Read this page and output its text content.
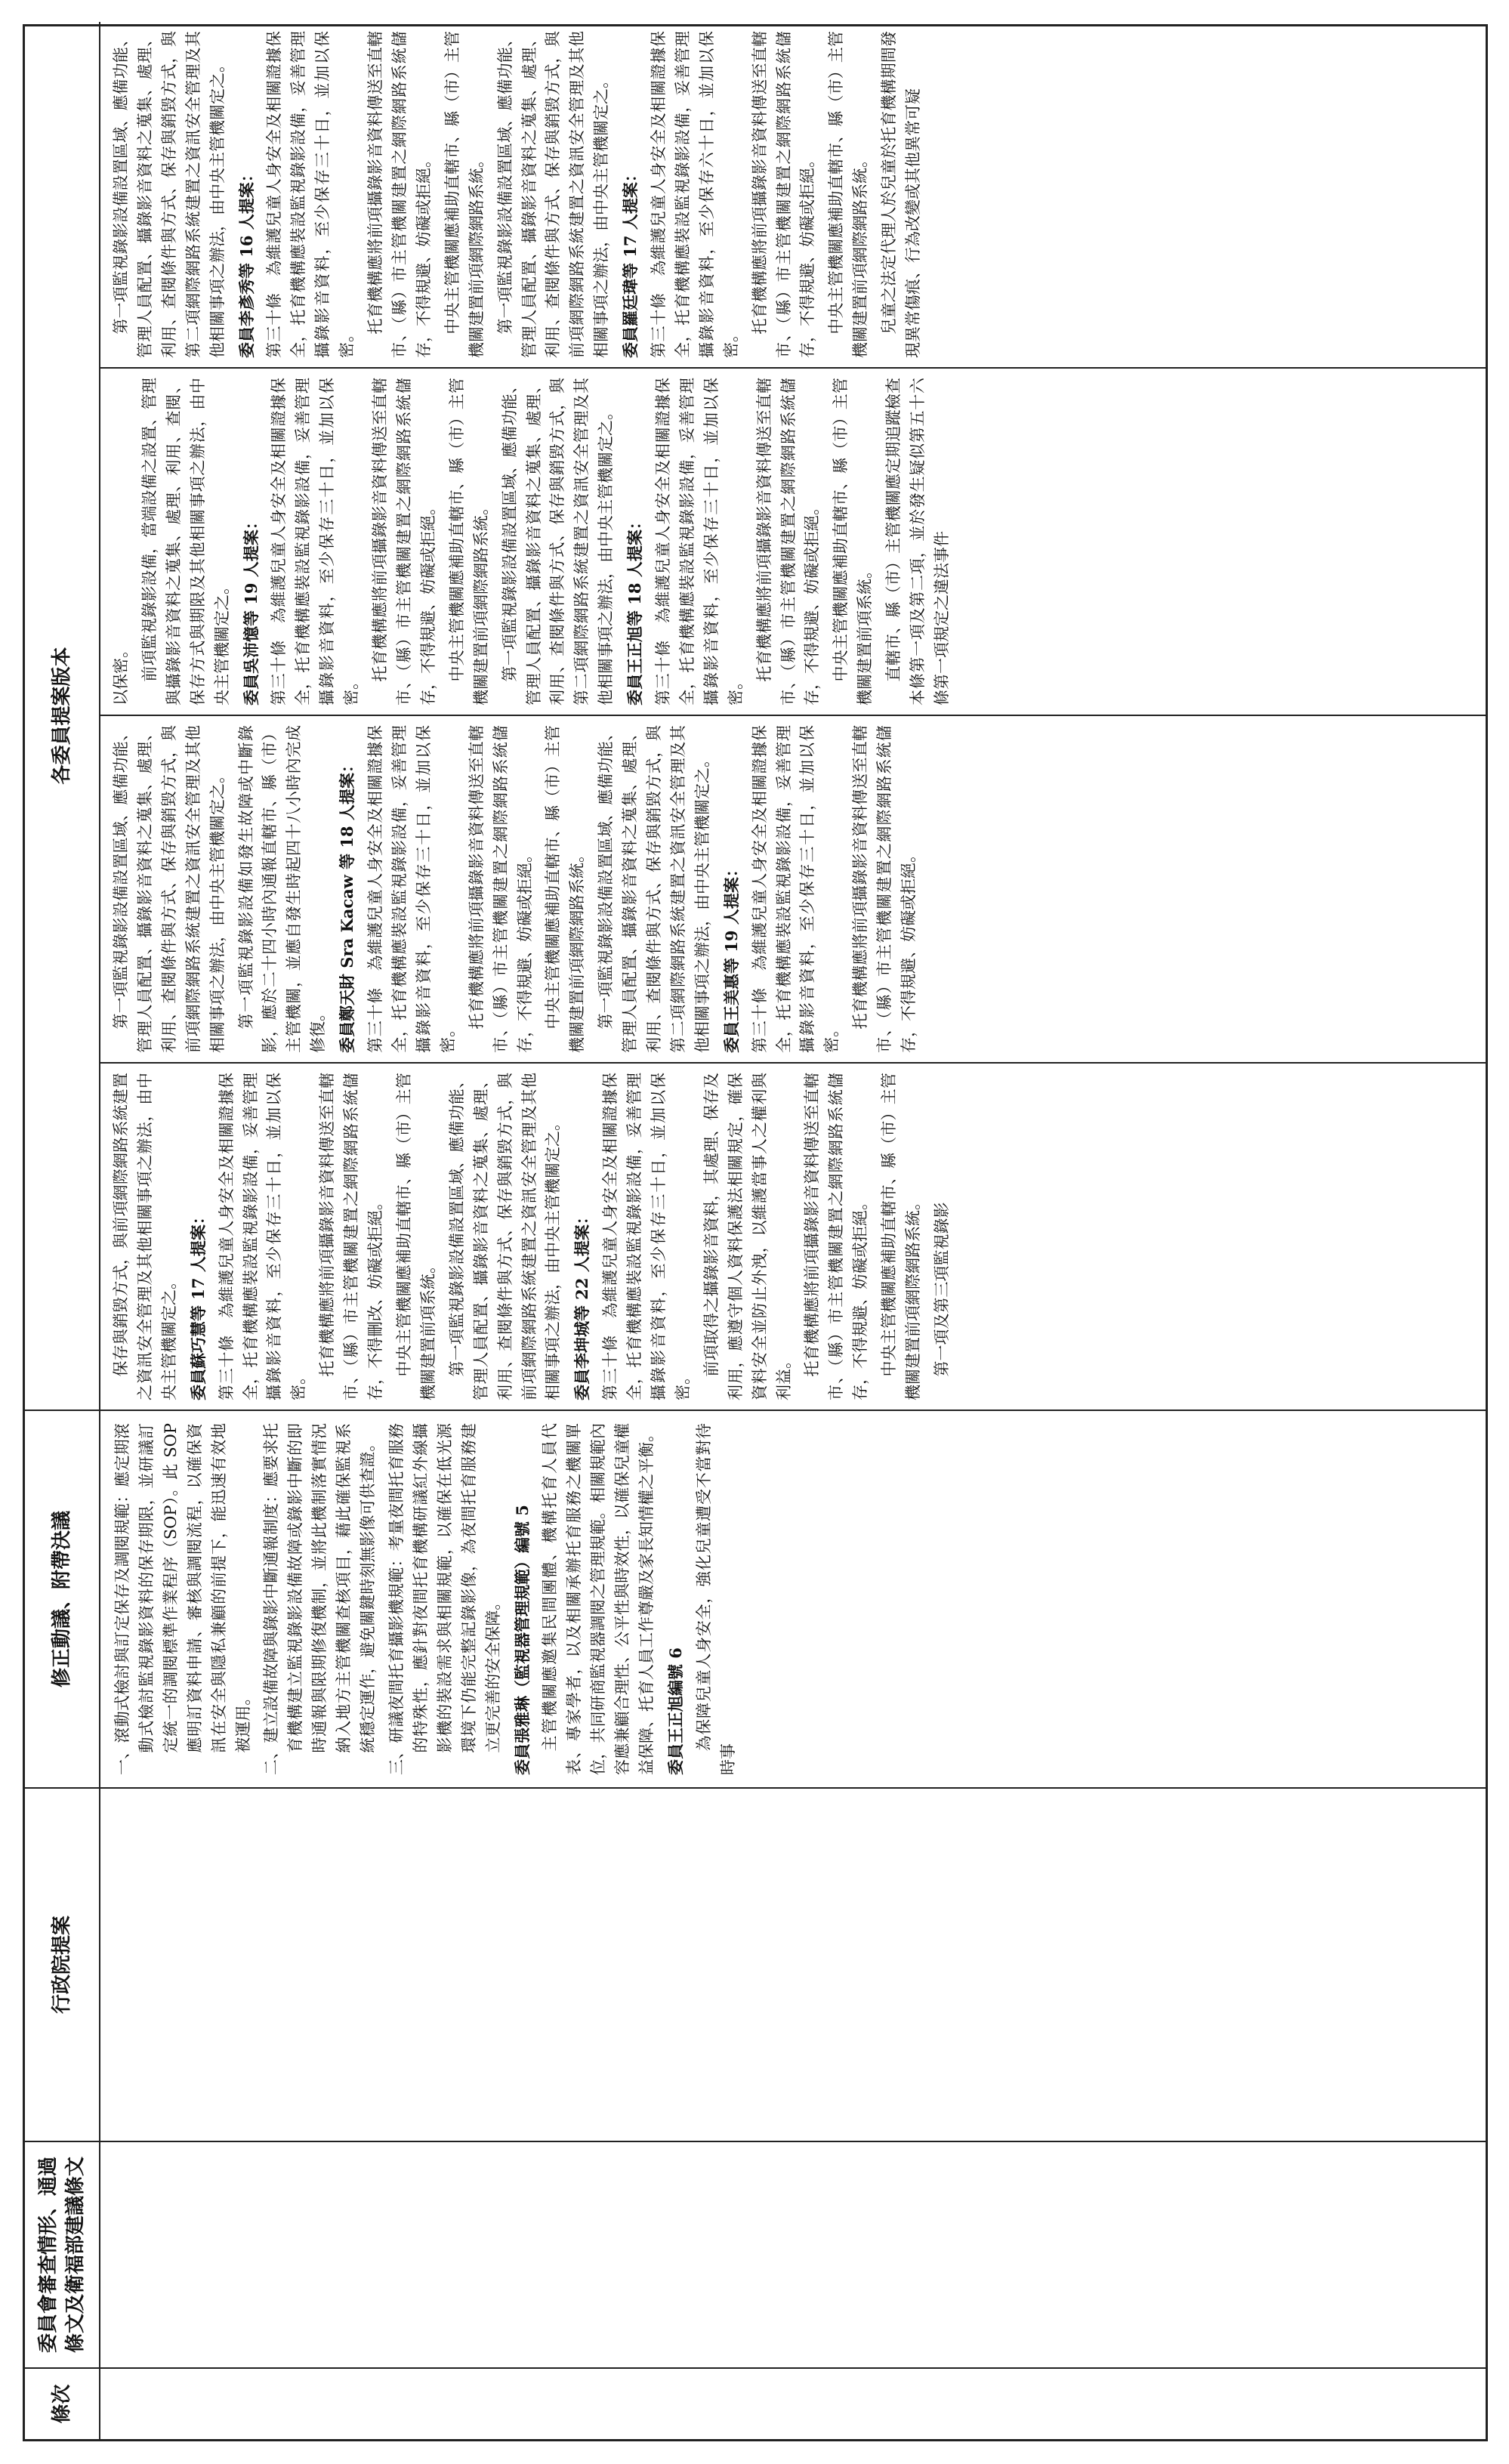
條次
委員會審查情形、通過條文及衛福部建議條文
行政院提案
修正動議、附帶決議	一、滾動式檢討與訂定保存及調閱規範：應定期滾動式檢討監視錄影資料的保存期限，並研議訂定統一的調閱標準作業程序（SOP）。此 SOP 應明訂資料申請、審核與調閱流程，以確保資訊在安全與隱私兼顧的前提下，能迅速有效地被運用。 二、建立設備故障與錄影中斷通報制度：應要求托育機構建立監視錄影設備故障或錄影中斷的即時通報與限期修復機制，並將此機制落實情況納入地方主管機關查核項目，藉此確保監視系統穩定運作，避免關鍵時刻無影像可供查證。 三、研議夜間托育攝影機規範：考量夜間托育服務的特殊性，應針對夜間托育機構研議紅外線攝影機的裝設需求與相關規範，以確保在低光源環境下仍能完整記錄影像，為夜間托育服務建立更完善的安全保障。 委員張雅琳（監視器管理規範）編號 5 主管機關應邀集民間團體、機構托育人員代表、專家學者，以及相關承辦托育服務之機關單位，共同研商監視器調閱之管理規範。相關規範內容應兼顧合理性、公平性與時效性，以確保兒童權益保障、托育人員工作尊嚴及家長知情權之平衡。 委員王正旭編號 6 為保障兒童人身安全，強化兒童遭受不當對待時事

各委員提案版本

保存與銷毀方式，與前項網際網路系統建置之資訊安全管理及其他相關事項之辦法，由中央主管機關定之。 委員蘇巧慧等 17 人提案： 第三十條　為維護兒童人身安全及相關證據保全，托育機構應裝設監視錄影設備，妥善管理攝錄影音資料，至少保存三十日，並加以保密。

托育機構應將前項攝錄影音資料傳送至直轄市、（縣）市主管機關建置之網際網路系統儲存，不得刪改、妨礙或拒絕。 中央主管機關應補助直轄市、縣（市）主管機關建置前項系統。 第一項監視錄影設備設置區域、應備功能、管理人員配置、攝錄影音資料之蒐集、處理、利用、查閱條件與方式、保存與銷毀方式，與前項網際網路系統建置之資訊安全管理及其他相關事項之辦法，由中央主管機關定之。 委員李坤城等 22 人提案： 第三十條　為維護兒童人身安全及相關證據保全，托育機構應裝設監視錄影設備，妥善管理攝錄影音資料，至少保存三十日，並加以保密。

前項取得之攝錄影音資料，其處理、保存及利用，應遵守個人資料保護法相關規定，確保資料安全並防止外洩，以維護當事人之權利與利益。 托育機構應將前項攝錄影音資料傳送至直轄市、（縣）市主管機關建置之網際網路系統儲存，不得規避、妨礙或拒絕。 中央主管機關應補助直轄市、縣（市）主管機關建置前項網際網路系統。 第一項及第三項監視錄影

第一項監視錄影設備設置區域、應備功能、管理人員配置、攝錄影音資料之蒐集、處理、利用、查閱條件與方式、保存與銷毀方式，與前項網際網路系統建置之資訊安全管理及其他相關事項之辦法，由中央主管機關定之。 第一項監視錄影設備如發生故障或中斷錄影，應於二十四小時內通報直轄市、縣（市）主管機關，並應自發生時起四十八小時內完成修復。 委員鄭天財 Sra Kacaw 等 18 人提案： 第三十條　為維護兒童人身安全及相關證據保全，托育機構應裝設監視錄影設備，妥善管理攝錄影音資料，至少保存三十日，並加以保密。

托育機構應將前項攝錄影音資料傳送至直轄市、（縣）市主管機關建置之網際網路系統儲存，不得規避、妨礙或拒絕。 中央主管機關應補助直轄市、縣（市）主管機關建置前項網際網路系統。 第一項監視錄影設備設置區域、應備功能、管理人員配置、攝錄影音資料之蒐集、處理、利用、查閱條件與方式、保存與銷毀方式，與第二項網際網路系統建置之資訊安全管理及其他相關事項之辦法，由中央主管機關定之。 委員王美惠等 19 人提案： 第三十條　為維護兒童人身安全及相關證據保全，托育機構應裝設監視錄影設備，妥善管理攝錄影音資料，至少保存三十日，並加以保密。

托育機構應將前項攝錄影音資料傳送至直轄市、（縣）市主管機關建置之網際網路系統儲存，不得規避、妨礙或拒絕。

以保密。 前項監視錄影設備，當端設備之設置、管理與攝錄影音資料之蒐集、處理、利用、查閱、保存方式與期限及其他相關事項之辦法，由中央主管機關定之。 委員吳沛憶等 19 人提案： 第三十條　為維護兒童人身安全及相關證據保全，托育機構應裝設監視錄影設備，妥善管理攝錄影音資料，至少保存三十日，並加以保密。

托育機構應將前項攝錄影音資料傳送至直轄市、（縣）市主管機關建置之網際網路系統儲存，不得規避、妨礙或拒絕。 中央主管機關應補助直轄市、縣（市）主管機關建置前項網際網路系統。 第一項監視錄影設備設置區域、應備功能、管理人員配置、攝錄影音資料之蒐集、處理、利用、查閱條件與方式、保存與銷毀方式，與第二項網際網路系統建置之資訊安全管理及其他相關事項之辦法，由中央主管機關定之。 委員王正旭等 18 人提案： 第三十條　為維護兒童人身安全及相關證據保全，托育機構應裝設監視錄影設備，妥善管理攝錄影音資料，至少保存三十日，並加以保密。

托育機構應將前項攝錄影音資料傳送至直轄市、（縣）市主管機關建置之網際網路系統儲存，不得規避、妨礙或拒絕。 中央主管機關應補助直轄市、縣（市）主管機關建置前項系統。 直轄市、縣（市）主管機關應定期追蹤檢查本條第一項及第二項，並於發生疑似第五十六條第一項規定之違法事件

第一項監視錄影設備設置區域、應備功能、管理人員配置、攝錄影音資料之蒐集、處理、利用、查閱條件與方式、保存與銷毀方式，與第二項網際網路系統建置之資訊安全管理及其他相關事項之辦法，由中央主管機關定之。 委員李彥秀等 16 人提案： 第三十條　為維護兒童人身安全及相關證據保全，托育機構應裝設監視錄影設備，妥善管理攝錄影音資料，至少保存三十日，並加以保密。

托育機構應將前項攝錄影音資料傳送至直轄市、（縣）市主管機關建置之網際網路系統儲存，不得規避、妨礙或拒絕。 中央主管機關應補助直轄市、縣（市）主管機關建置前項網際網路系統。 第一項監視錄影設備設置區域、應備功能、管理人員配置、攝錄影音資料之蒐集、處理、利用、查閱條件與方式、保存與銷毀方式，與前項網際網路系統建置之資訊安全管理及其他相關事項之辦法，由中央主管機關定之。 委員羅廷瑋等 17 人提案： 第三十條　為維護兒童人身安全及相關證據保全，托育機構應裝設監視錄影設備，妥善管理攝錄影音資料，至少保存六十日，並加以保密。

托育機構應將前項攝錄影音資料傳送至直轄市、（縣）市主管機關建置之網際網路系統儲存，不得規避、妨礙或拒絕。 中央主管機關應補助直轄市、縣（市）主管機關建置前項網際網路系統。 兒童之法定代理人於兒童於托育機構期間發現異常傷痕、行為改變或其他異常可疑
